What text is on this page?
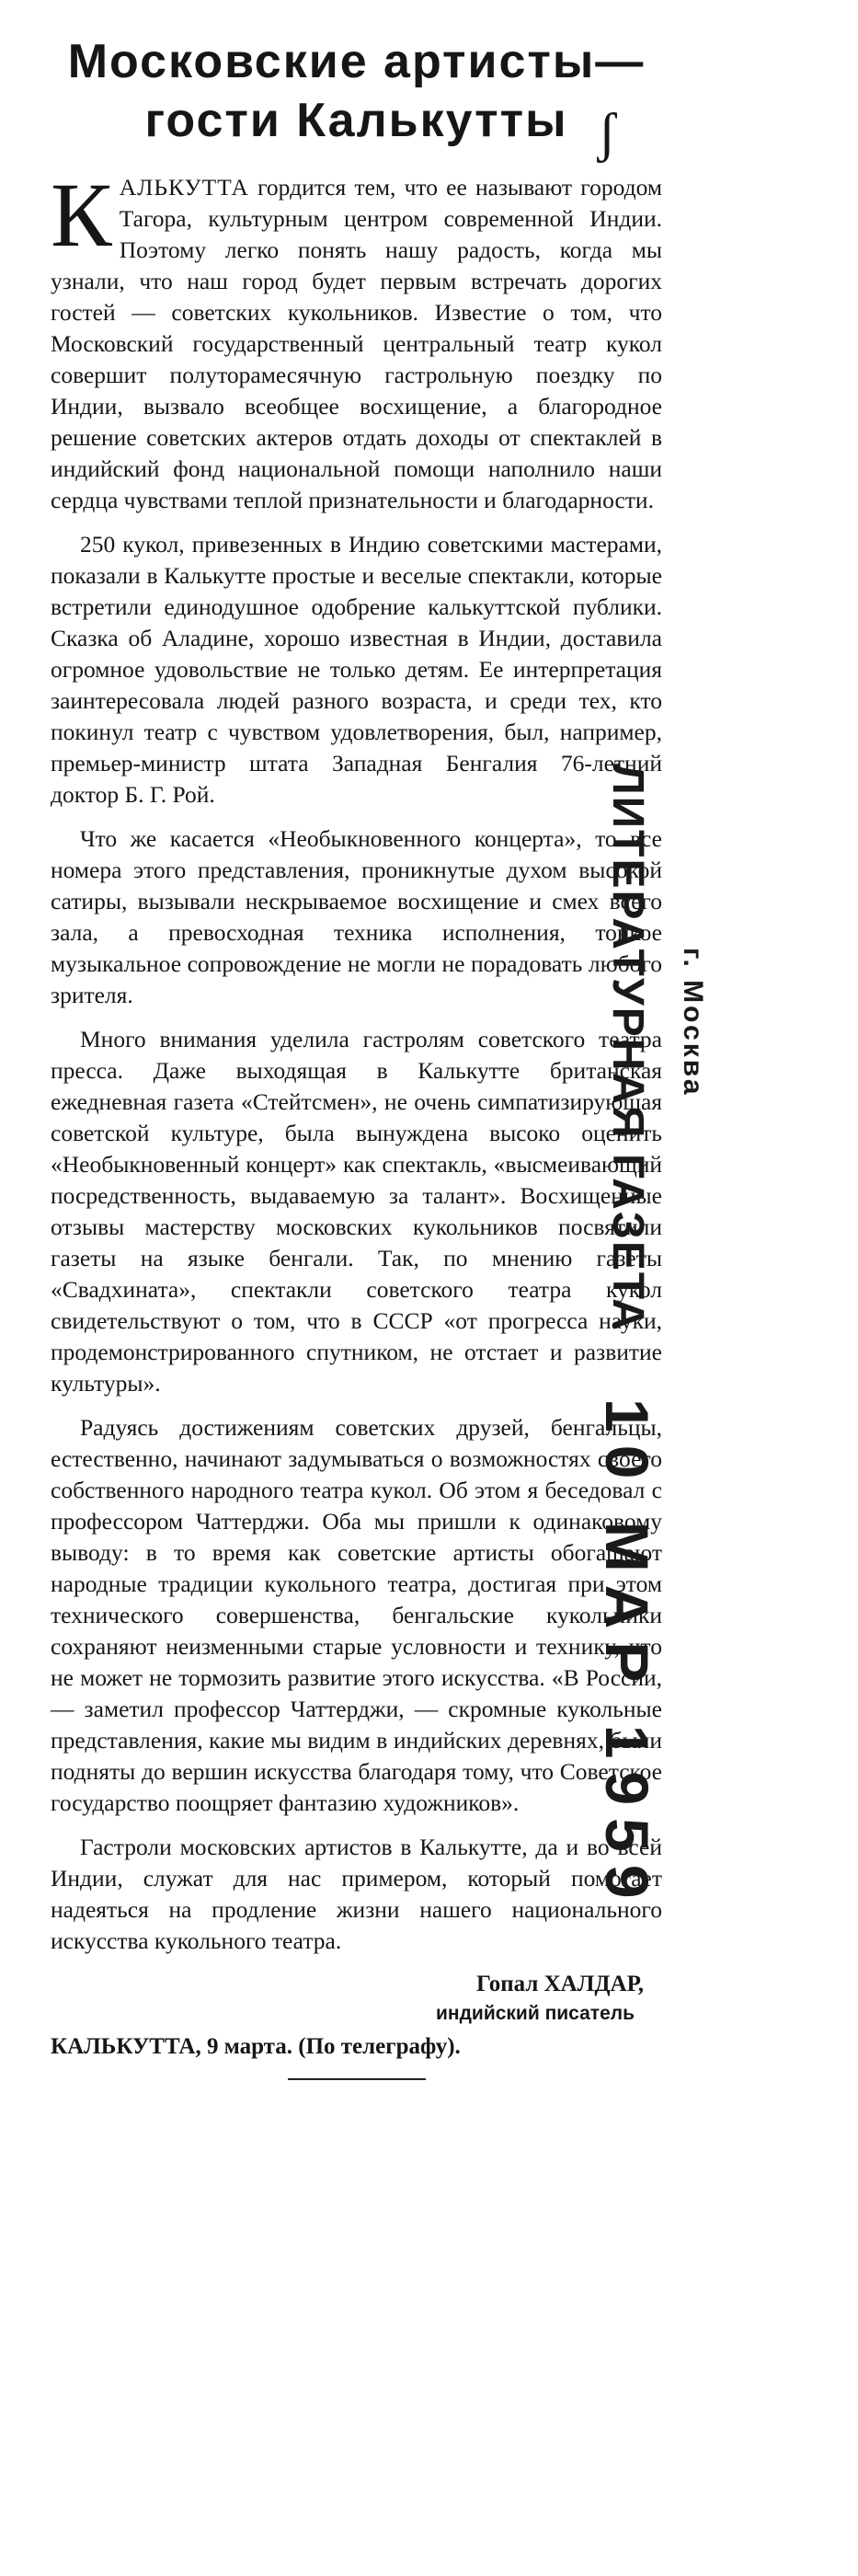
Московские артисты—
гости Калькутты

КАЛЬКУТТА гордится тем, что ее называют городом Тагора, культурным центром современной Индии. Поэтому легко понять нашу радость, когда мы узнали, что наш город будет первым встречать дорогих гостей — советских кукольников. Известие о том, что Московский государственный центральный театр кукол совершит полуторамесячную гастрольную поездку по Индии, вызвало всеобщее восхищение, а благородное решение советских актеров отдать доходы от спектаклей в индийский фонд национальной помощи наполнило наши сердца чувствами теплой признательности и благодарности.

250 кукол, привезенных в Индию советскими мастерами, показали в Калькутте простые и веселые спектакли, которые встретили единодушное одобрение калькуттской публики. Сказка об Аладине, хорошо известная в Индии, доставила огромное удовольствие не только детям. Ее интерпретация заинтересовала людей разного возраста, и среди тех, кто покинул театр с чувством удовлетворения, был, например, премьер-министр штата Западная Бенгалия 76-летний доктор Б. Г. Рой.

Что же касается «Необыкновенного концерта», то все номера этого представления, проникнутые духом высокой сатиры, вызывали нескрываемое восхищение и смех всего зала, а превосходная техника исполнения, тонкое музыкальное сопровождение не могли не порадовать любого зрителя.

Много внимания уделила гастролям советского театра пресса. Даже выходящая в Калькутте британская ежедневная газета «Стейтсмен», не очень симпатизирующая советской культуре, была вынуждена высоко оценить «Необыкновенный концерт» как спектакль, «высмеивающий посредственность, выдаваемую за талант». Восхищенные отзывы мастерству московских кукольников посвятили газеты на языке бенгали. Так, по мнению газеты «Свадхината», спектакли советского театра кукол свидетельствуют о том, что в СССР «от прогресса науки, продемонстрированного спутником, не отстает и развитие культуры».

Радуясь достижениям советских друзей, бенгальцы, естественно, начинают задумываться о возможностях своего собственного народного театра кукол. Об этом я беседовал с профессором Чаттерджи. Оба мы пришли к одинаковому выводу: в то время как советские артисты обогащают народные традиции кукольного театра, достигая при этом технического совершенства, бенгальские кукольники сохраняют неизменными старые условности и технику, что не может не тормозить развитие этого искусства. «В России, — заметил профессор Чаттерджи, — скромные кукольные представления, какие мы видим в индийских деревнях, были подняты до вершин искусства благодаря тому, что Советское государство поощряет фантазию художников».

Гастроли московских артистов в Калькутте, да и во всей Индии, служат для нас примером, который помогает надеяться на продление жизни нашего национального искусства кукольного театра.

Гопал ХАЛДАР,
индийский писатель
КАЛЬКУТТА, 9 марта. (По телеграфу).
ʃ
ЛИТЕРАТУРНАЯ ГАЗЕТА г. Москва
10 МАР 1959
